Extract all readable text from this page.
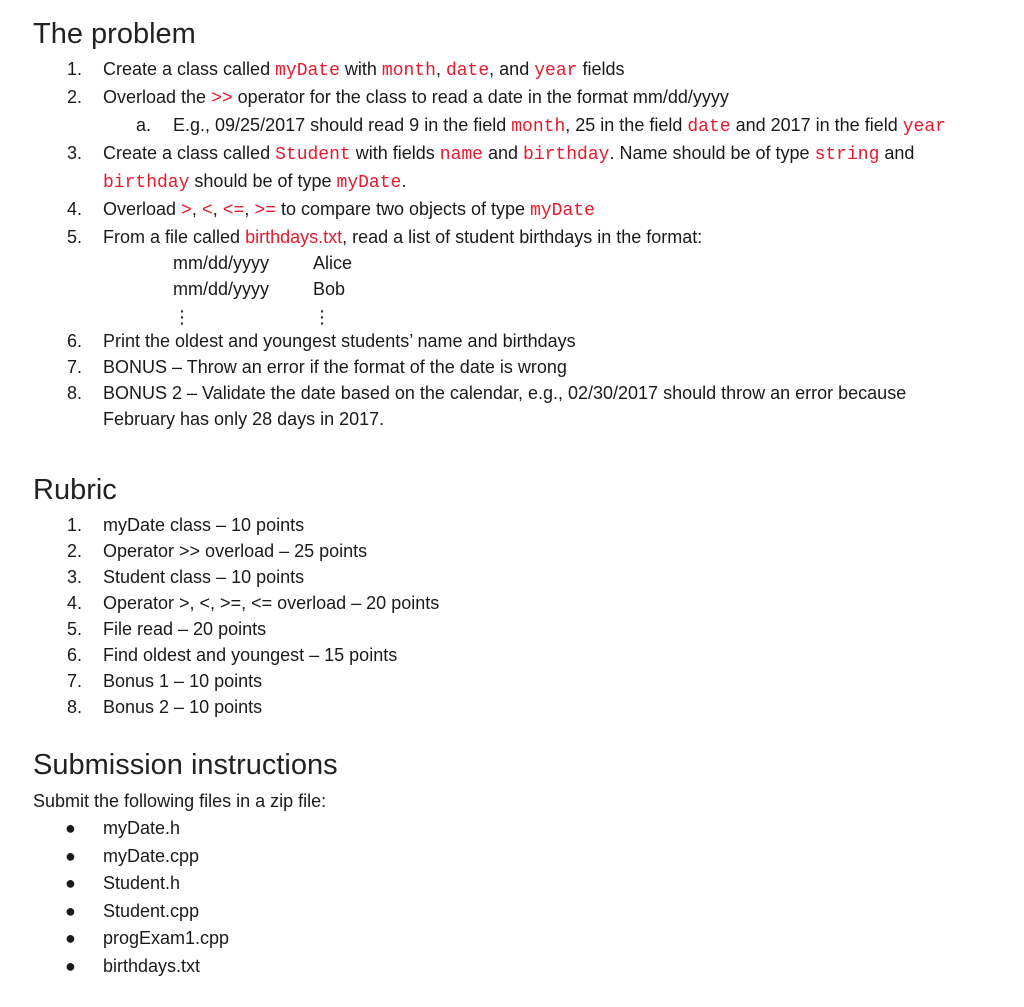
The problem
1.	Create a class called myDate with month, date, and year fields
2.	Overload the >> operator for the class to read a date in the format mm/dd/yyyy
a.	E.g., 09/25/2017 should read 9 in the field month, 25 in the field date and 2017 in the field year
3.	Create a class called Student with fields name and birthday. Name should be of type string and birthday should be of type myDate.
4.	Overload >, <, <=, >= to compare two objects of type myDate
5.	From a file called birthdays.txt, read a list of student birthdays in the format:
mm/dd/yyyy Alice
mm/dd/yyyy Bob
⋮	⋮
6.	Print the oldest and youngest students’ name and birthdays
7.	BONUS – Throw an error if the format of the date is wrong
8.	BONUS 2 – Validate the date based on the calendar, e.g., 02/30/2017 should throw an error because February has only 28 days in 2017.
Rubric
1.	myDate class – 10 points
2.	Operator >> overload – 25 points
3.	Student class – 10 points
4.	Operator >, <, >=, <= overload – 20 points
5.	File read – 20 points
6.	Find oldest and youngest – 15 points
7.	Bonus 1 – 10 points
8.	Bonus 2 – 10 points
Submission instructions
Submit the following files in a zip file:
● myDate.h
● myDate.cpp
● Student.h
● Student.cpp
● progExam1.cpp
● birthdays.txt
